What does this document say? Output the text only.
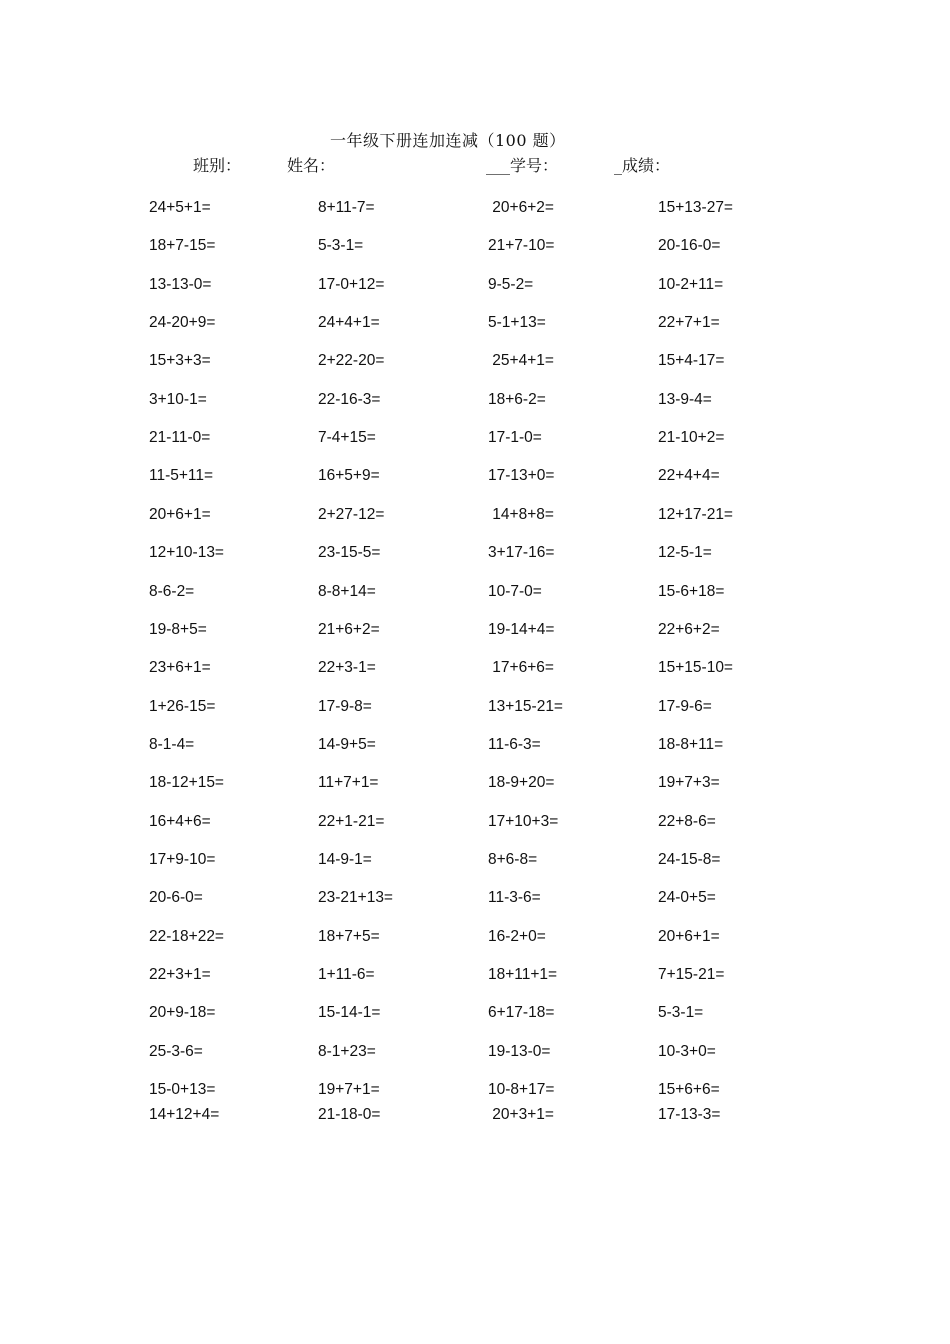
一年级下册连加连减（100 题）
班别：	姓名：	___学号：	_成绩：
24+5+1=	8+11-7=	20+6+2=	15+13-27=
18+7-15=	5-3-1=	21+7-10=	20-16-0=
13-13-0=	17-0+12=	9-5-2=	10-2+11=
24-20+9=	24+4+1=	5-1+13=	22+7+1=
15+3+3=	2+22-20=	25+4+1=	15+4-17=
3+10-1=	22-16-3=	18+6-2=	13-9-4=
21-11-0=	7-4+15=	17-1-0=	21-10+2=
11-5+11=	16+5+9=	17-13+0=	22+4+4=
20+6+1=	2+27-12=	14+8+8=	12+17-21=
12+10-13=	23-15-5=	3+17-16=	12-5-1=
8-6-2=	8-8+14=	10-7-0=	15-6+18=
19-8+5=	21+6+2=	19-14+4=	22+6+2=
23+6+1=	22+3-1=	17+6+6=	15+15-10=
1+26-15=	17-9-8=	13+15-21=	17-9-6=
8-1-4=	14-9+5=	11-6-3=	18-8+11=
18-12+15=	11+7+1=	18-9+20=	19+7+3=
16+4+6=	22+1-21=	17+10+3=	22+8-6=
17+9-10=	14-9-1=	8+6-8=	24-15-8=
20-6-0=	23-21+13=	11-3-6=	24-0+5=
22-18+22=	18+7+5=	16-2+0=	20+6+1=
22+3+1=	1+11-6=	18+11+1=	7+15-21=
20+9-18=	15-14-1=	6+17-18=	5-3-1=
25-3-6=	8-1+23=	19-13-0=	10-3+0=
15-0+13=	19+7+1=	10-8+17=	15+6+6=
14+12+4=	21-18-0=	20+3+1=	17-13-3=
